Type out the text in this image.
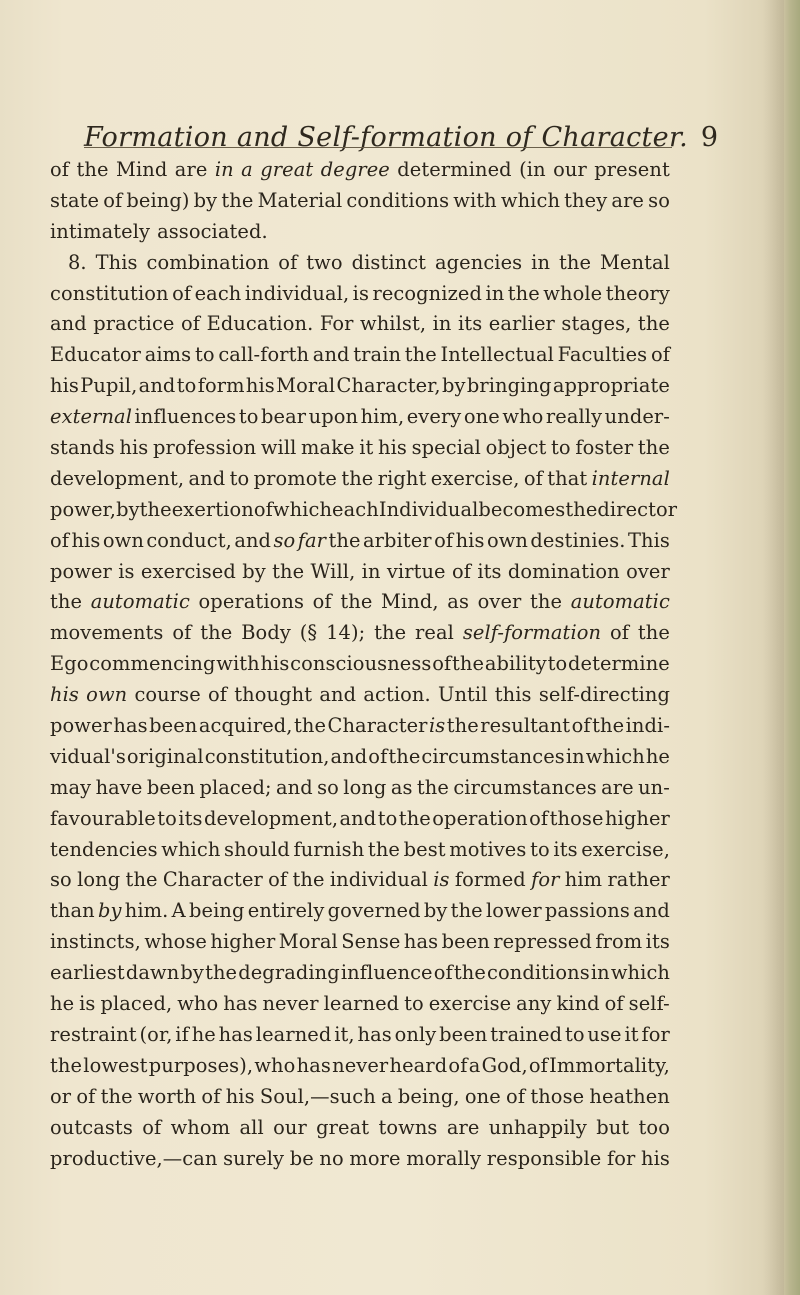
Formation and Self-formation of Character. 9
of the Mind are in a great degree determined (in our present
state of being) by the Material conditions with which they are so
intimately associated.
8. This combination of two distinct agencies in the Mental
constitution of each individual, is recognized in the whole theory
and practice of Education. For whilst, in its earlier stages, the
Educator aims to call-forth and train the Intellectual Faculties of
his Pupil, and to form his Moral Character, by bringing appropriate
external influences to bear upon him, every one who really under-
stands his profession will make it his special object to foster the
development, and to promote the right exercise, of that internal
power, by the exertion of which each Individual becomes the director
of his own conduct, and so far the arbiter of his own destinies. This
power is exercised by the Will, in virtue of its domination over
the automatic operations of the Mind, as over the automatic
movements of the Body (§ 14); the real self-formation of the
Ego commencing with his consciousness of the ability to determine
his own course of thought and action. Until this self-directing
power has been acquired, the Character is the resultant of the indi-
vidual's original constitution, and of the circumstances in which he
may have been placed; and so long as the circumstances are un-
favourable to its development, and to the operation of those higher
tendencies which should furnish the best motives to its exercise,
so long the Character of the individual is formed for him rather
than by him. A being entirely governed by the lower passions and
instincts, whose higher Moral Sense has been repressed from its
earliest dawn by the degrading influence of the conditions in which
he is placed, who has never learned to exercise any kind of self-
restraint (or, if he has learned it, has only been trained to use it for
the lowest purposes), who has never heard of a God, of Immortality,
or of the worth of his Soul,—such a being, one of those heathen
outcasts of whom all our great towns are unhappily but too
productive,—can surely be no more morally responsible for his
